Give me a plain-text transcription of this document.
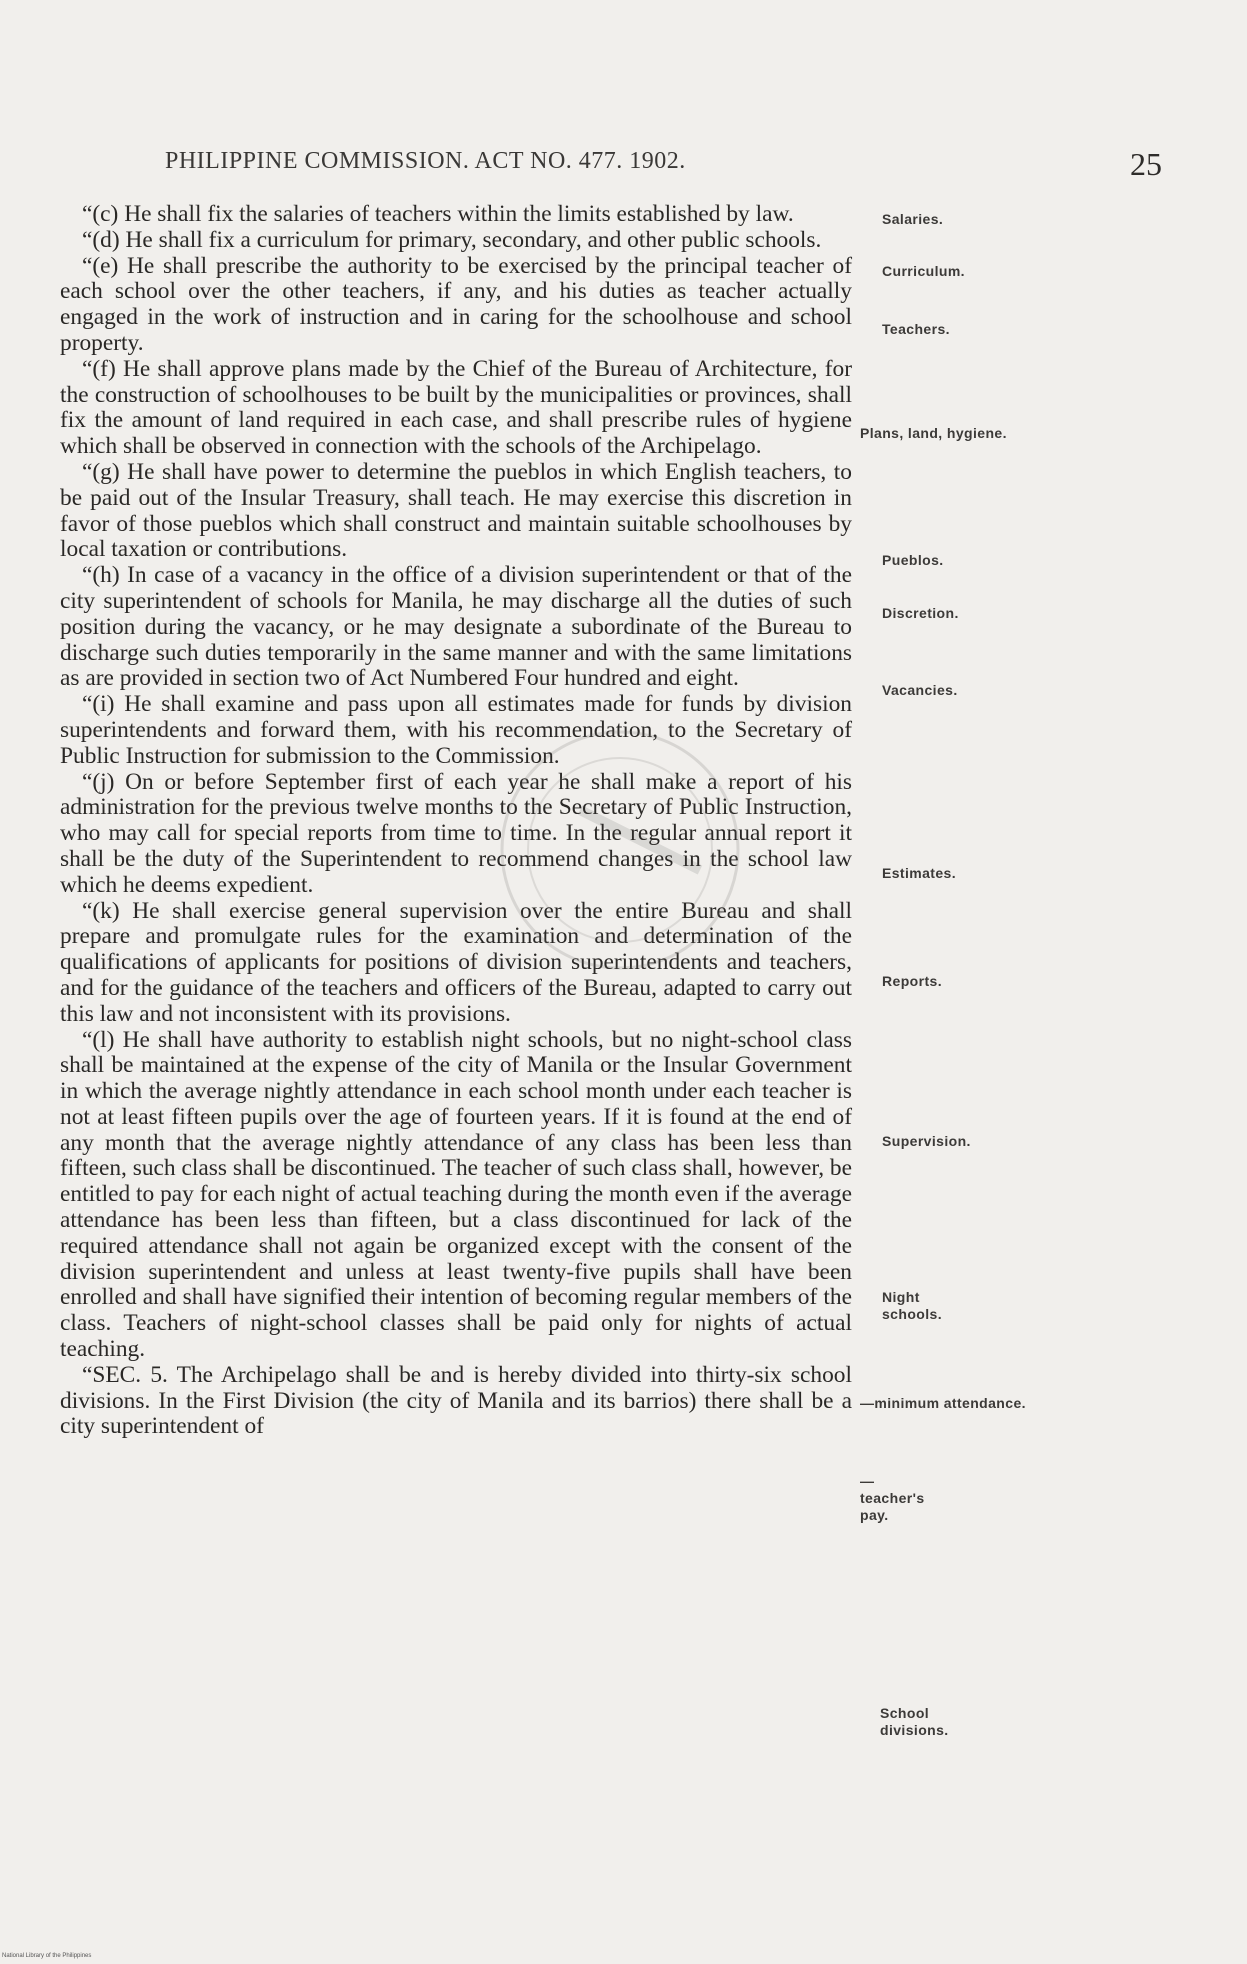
PHILIPPINE COMMISSION. ACT NO. 477. 1902.	25

“(c) He shall fix the salaries of teachers within the limits established by law.

“(d) He shall fix a curriculum for primary, secondary, and other public schools.

“(e) He shall prescribe the authority to be exercised by the principal teacher of each school over the other teachers, if any, and his duties as teacher actually engaged in the work of instruction and in caring for the schoolhouse and school property.

“(f) He shall approve plans made by the Chief of the Bureau of Architecture, for the construction of schoolhouses to be built by the municipalities or provinces, shall fix the amount of land required in each case, and shall prescribe rules of hygiene which shall be observed in connection with the schools of the Archipelago.

“(g) He shall have power to determine the pueblos in which English teachers, to be paid out of the Insular Treasury, shall teach. He may exercise this discretion in favor of those pueblos which shall construct and maintain suitable schoolhouses by local taxation or contributions.

“(h) In case of a vacancy in the office of a division superintendent or that of the city superintendent of schools for Manila, he may discharge all the duties of such position during the vacancy, or he may designate a subordinate of the Bureau to discharge such duties temporarily in the same manner and with the same limitations as are provided in section two of Act Numbered Four hundred and eight.

“(i) He shall examine and pass upon all estimates made for funds by division superintendents and forward them, with his recommendation, to the Secretary of Public Instruction for submission to the Commission.

“(j) On or before September first of each year he shall make a report of his administration for the previous twelve months to the Secretary of Public Instruction, who may call for special reports from time to time. In the regular annual report it shall be the duty of the Superintendent to recommend changes in the school law which he deems expedient.

“(k) He shall exercise general supervision over the entire Bureau and shall prepare and promulgate rules for the examination and determination of the qualifications of applicants for positions of division superintendents and teachers, and for the guidance of the teachers and officers of the Bureau, adapted to carry out this law and not inconsistent with its provisions.

“(l) He shall have authority to establish night schools, but no night-school class shall be maintained at the expense of the city of Manila or the Insular Government in which the average nightly attendance in each school month under each teacher is not at least fifteen pupils over the age of fourteen years. If it is found at the end of any month that the average nightly attendance of any class has been less than fifteen, such class shall be discontinued. The teacher of such class shall, however, be entitled to pay for each night of actual teaching during the month even if the average attendance has been less than fifteen, but a class discontinued for lack of the required attendance shall not again be organized except with the consent of the division superintendent and unless at least twenty-five pupils shall have been enrolled and shall have signified their intention of becoming regular members of the class. Teachers of night-school classes shall be paid only for nights of actual teaching.

“SEC. 5. The Archipelago shall be and is hereby divided into thirty-six school divisions. In the First Division (the city of Manila and its barrios) there shall be a city superintendent of

Salaries.
Curriculum.
Teachers.
Plans, land, hygiene.
Pueblos.
Discretion.
Vacancies.
Estimates.
Reports.
Supervision.
Night schools.
—minimum attendance.
—teacher's pay.
School divisions.
National Library of the Philippines
